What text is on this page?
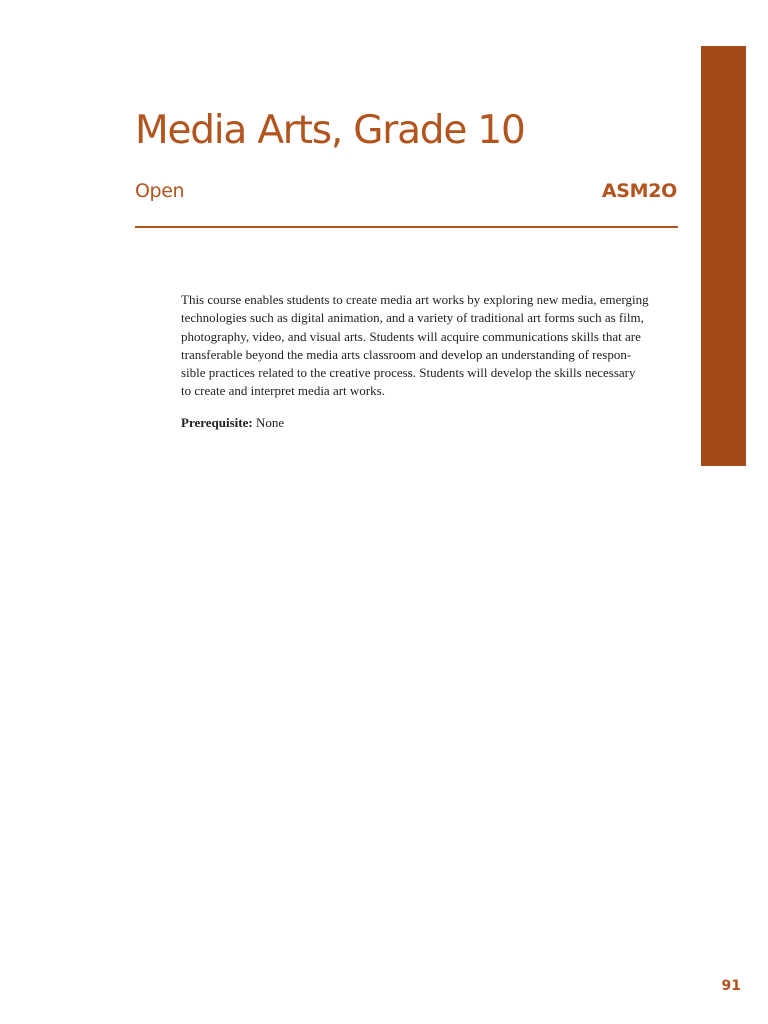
Media Arts, Grade 10
Open	ASM2O

This course enables students to create media art works by exploring new media, emerging
technologies such as digital animation, and a variety of traditional art forms such as film,
photography, video, and visual arts. Students will acquire communications skills that are
transferable beyond the media arts classroom and develop an understanding of respon-
sible practices related to the creative process. Students will develop the skills necessary
to create and interpret media art works.

Prerequisite: None

91
